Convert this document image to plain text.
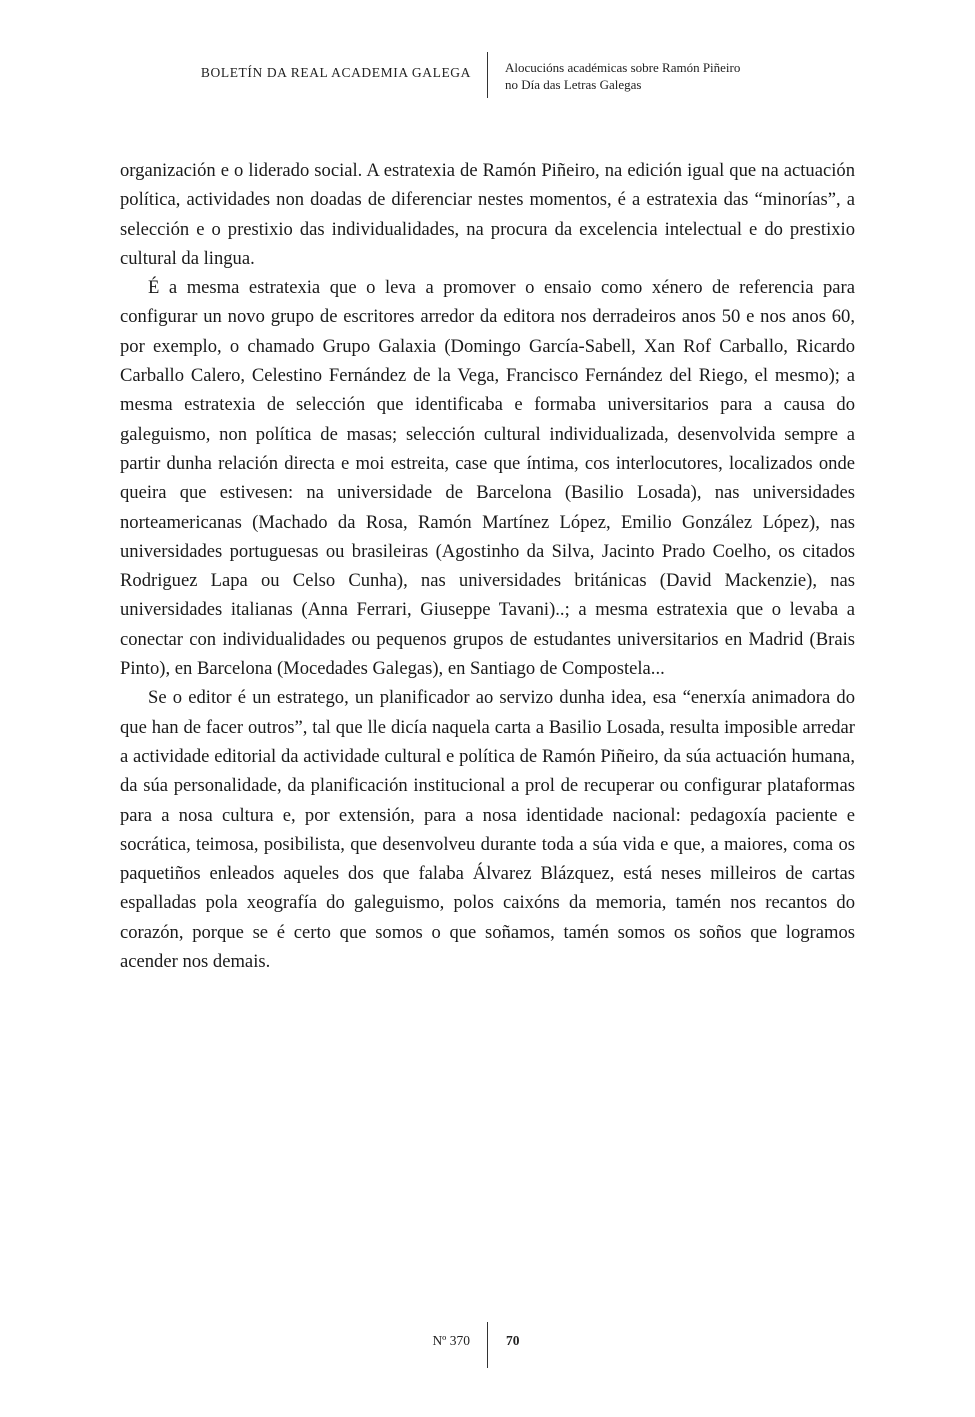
BOLETÍN DA REAL ACADEMIA GALEGA	Alocucións académicas sobre Ramón Piñeiro
no Día das Letras Galegas

organización e o liderado social. A estratexia de Ramón Piñeiro, na edición igual que na actuación política, actividades non doadas de diferenciar nestes momentos, é a estratexia das “minorías”, a selección e o prestixio das individualidades, na procura da excelencia intelectual e do prestixio cultural da lingua.

É a mesma estratexia que o leva a promover o ensaio como xénero de referencia para configurar un novo grupo de escritores arredor da editora nos derradeiros anos 50 e nos anos 60, por exemplo, o chamado Grupo Galaxia (Domingo García-Sabell, Xan Rof Carballo, Ricardo Carballo Calero, Celestino Fernández de la Vega, Francisco Fernández del Riego, el mesmo); a mesma estratexia de selección que identificaba e formaba universitarios para a causa do galeguismo, non política de masas; selección cultural individualizada, desenvolvida sempre a partir dunha relación directa e moi estreita, case que íntima, cos interlocutores, localizados onde queira que estivesen: na universidade de Barcelona (Basilio Losada), nas universidades norteamericanas (Machado da Rosa, Ramón Martínez López, Emilio González López), nas universidades portuguesas ou brasileiras (Agostinho da Silva, Jacinto Prado Coelho, os citados Rodriguez Lapa ou Celso Cunha), nas universidades británicas (David Mackenzie), nas universidades italianas (Anna Ferrari, Giuseppe Tavani)..; a mesma estratexia que o levaba a conectar con individualidades ou pequenos grupos de estudantes universitarios en Madrid (Brais Pinto), en Barcelona (Mocedades Galegas), en Santiago de Compostela...

Se o editor é un estratego, un planificador ao servizo dunha idea, esa “enerxía animadora do que han de facer outros”, tal que lle dicía naquela carta a Basilio Losada, resulta imposible arredar a actividade editorial da actividade cultural e política de Ramón Piñeiro, da súa actuación humana, da súa personalidade, da planificación institucional a prol de recuperar ou configurar plataformas para a nosa cultura e, por extensión, para a nosa identidade nacional: pedagoxía paciente e socrática, teimosa, posibilista, que desenvolveu durante toda a súa vida e que, a maiores, coma os paquetiños enleados aqueles dos que falaba Álvarez Blázquez, está neses milleiros de cartas espalladas pola xeografía do galeguismo, polos caixóns da memoria, tamén nos recantos do corazón, porque se é certo que somos o que soñamos, tamén somos os soños que logramos acender nos demais.

Nº 370	70
